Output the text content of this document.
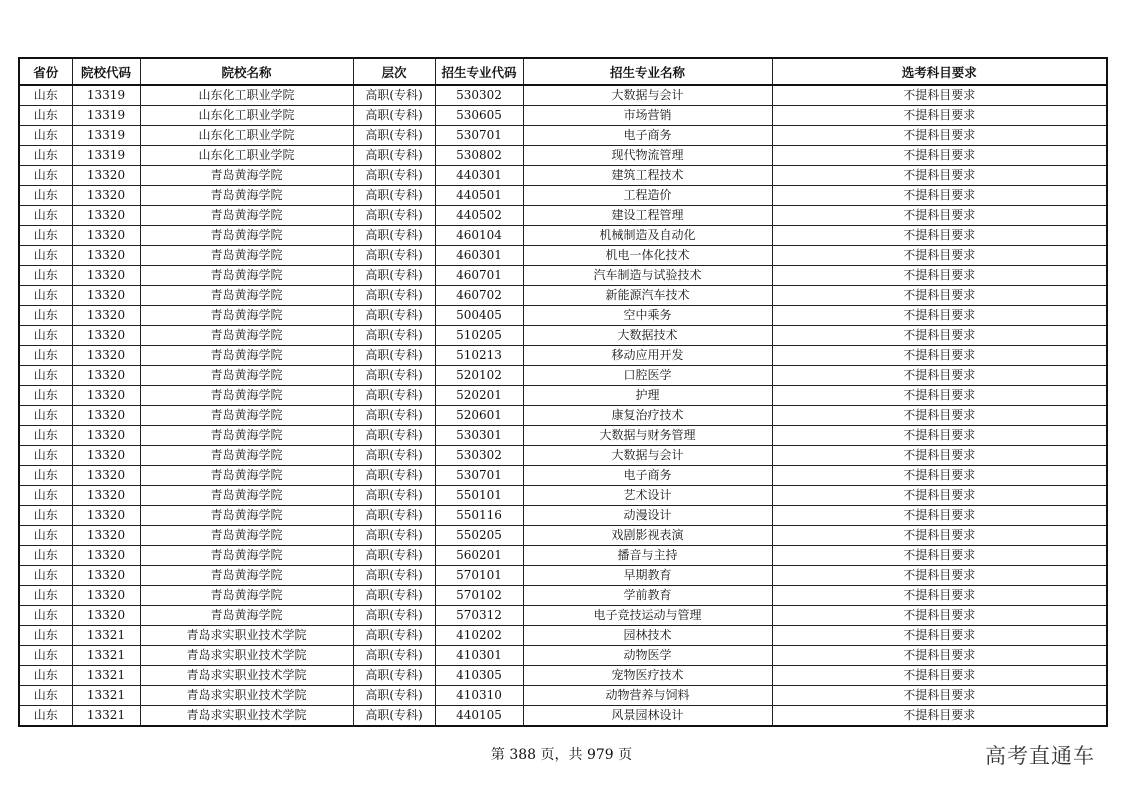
省份	院校代码	院校名称	层次	招生专业代码	招生专业名称	选考科目要求
山东	13319	山东化工职业学院	高职(专科)	530302	大数据与会计	不提科目要求
山东	13319	山东化工职业学院	高职(专科)	530605	市场营销	不提科目要求
山东	13319	山东化工职业学院	高职(专科)	530701	电子商务	不提科目要求
山东	13319	山东化工职业学院	高职(专科)	530802	现代物流管理	不提科目要求
山东	13320	青岛黄海学院	高职(专科)	440301	建筑工程技术	不提科目要求
山东	13320	青岛黄海学院	高职(专科)	440501	工程造价	不提科目要求
山东	13320	青岛黄海学院	高职(专科)	440502	建设工程管理	不提科目要求
山东	13320	青岛黄海学院	高职(专科)	460104	机械制造及自动化	不提科目要求
山东	13320	青岛黄海学院	高职(专科)	460301	机电一体化技术	不提科目要求
山东	13320	青岛黄海学院	高职(专科)	460701	汽车制造与试验技术	不提科目要求
山东	13320	青岛黄海学院	高职(专科)	460702	新能源汽车技术	不提科目要求
山东	13320	青岛黄海学院	高职(专科)	500405	空中乘务	不提科目要求
山东	13320	青岛黄海学院	高职(专科)	510205	大数据技术	不提科目要求
山东	13320	青岛黄海学院	高职(专科)	510213	移动应用开发	不提科目要求
山东	13320	青岛黄海学院	高职(专科)	520102	口腔医学	不提科目要求
山东	13320	青岛黄海学院	高职(专科)	520201	护理	不提科目要求
山东	13320	青岛黄海学院	高职(专科)	520601	康复治疗技术	不提科目要求
山东	13320	青岛黄海学院	高职(专科)	530301	大数据与财务管理	不提科目要求
山东	13320	青岛黄海学院	高职(专科)	530302	大数据与会计	不提科目要求
山东	13320	青岛黄海学院	高职(专科)	530701	电子商务	不提科目要求
山东	13320	青岛黄海学院	高职(专科)	550101	艺术设计	不提科目要求
山东	13320	青岛黄海学院	高职(专科)	550116	动漫设计	不提科目要求
山东	13320	青岛黄海学院	高职(专科)	550205	戏剧影视表演	不提科目要求
山东	13320	青岛黄海学院	高职(专科)	560201	播音与主持	不提科目要求
山东	13320	青岛黄海学院	高职(专科)	570101	早期教育	不提科目要求
山东	13320	青岛黄海学院	高职(专科)	570102	学前教育	不提科目要求
山东	13320	青岛黄海学院	高职(专科)	570312	电子竞技运动与管理	不提科目要求
山东	13321	青岛求实职业技术学院	高职(专科)	410202	园林技术	不提科目要求
山东	13321	青岛求实职业技术学院	高职(专科)	410301	动物医学	不提科目要求
山东	13321	青岛求实职业技术学院	高职(专科)	410305	宠物医疗技术	不提科目要求
山东	13321	青岛求实职业技术学院	高职(专科)	410310	动物营养与饲料	不提科目要求
山东	13321	青岛求实职业技术学院	高职(专科)	440105	风景园林设计	不提科目要求
第 388 页，共 979 页	高考直通车
